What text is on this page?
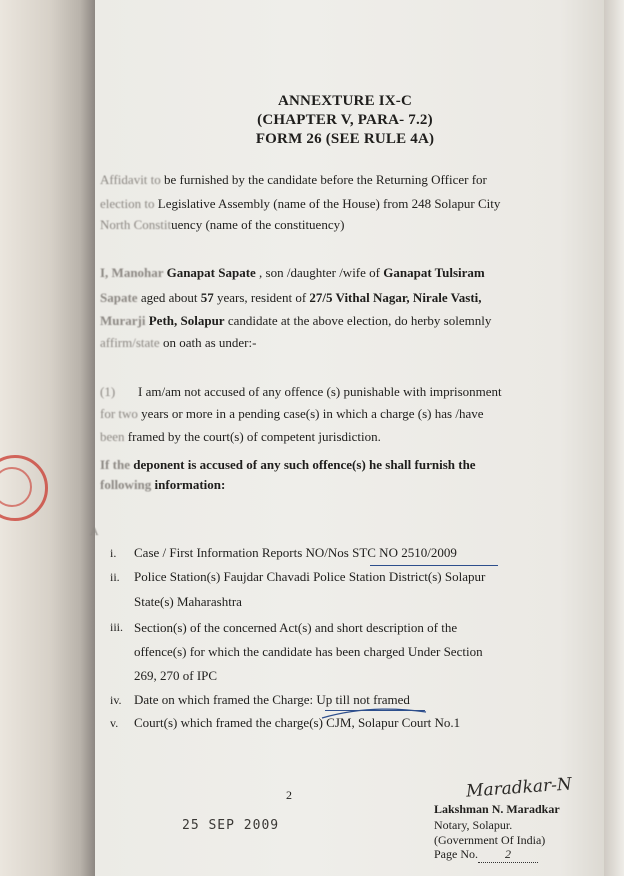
ANNEXTURE IX-C
(CHAPTER V, PARA- 7.2)
FORM 26 (SEE RULE 4A)
Affidavit to be furnished by the candidate before the Returning Officer for
election to Legislative Assembly (name of the House) from 248 Solapur City
North Constituency (name of the constituency)
I, Manohar Ganapat Sapate , son /daughter /wife of Ganapat Tulsiram
Sapate aged about 57 years, resident of 27/5 Vithal Nagar, Nirale Vasti,
Murarji Peth, Solapur candidate at the above election, do herby solemnly
affirm/state on oath as under:-
(1) I am/am not accused of any offence (s) punishable with imprisonment
for two years or more in a pending case(s) in which a charge (s) has /have
been framed by the court(s) of competent jurisdiction.
If the deponent is accused of any such offence(s) he shall furnish the
following information:
A
i. Case / First Information Reports NO/Nos STC NO 2510/2009
ii. Police Station(s) Faujdar Chavadi Police Station District(s) Solapur
State(s) Maharashtra
iii. Section(s) of the concerned Act(s) and short description of the
offence(s) for which the candidate has been charged Under Section
269, 270 of IPC
iv. Date on which framed the Charge: Up till not framed
v. Court(s) which framed the charge(s) CJM, Solapur Court No.1
2
25 SEP 2009
Maradkar-N
Lakshman N. Maradkar
Notary, Solapur.
(Government Of India)
Page No. 2
